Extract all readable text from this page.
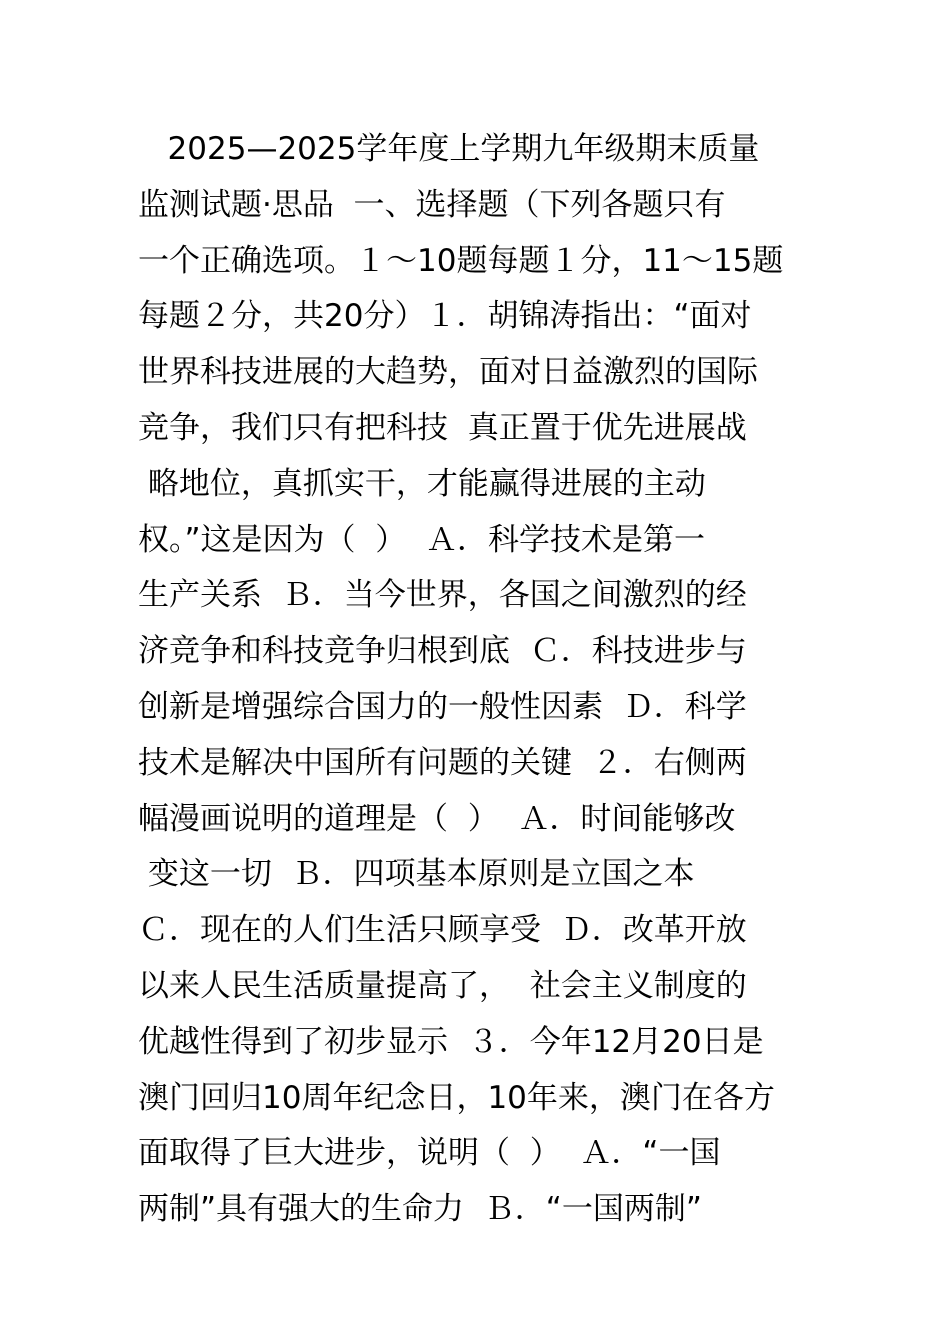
2025—2025学年度上学期九年级期末质量
监测试题·思品  一、选择题（下列各题只有
一个正确选项。１～10题每题１分，11～15题
每题２分，共20分）１．胡锦涛指出：“面对
世界科技进展的大趋势，面对日益激烈的国际
竞争，我们只有把科技  真正置于优先进展战
略地位，真抓实干，才能赢得进展的主动
权。”这是因为（  ）  Ａ．科学技术是第一
生产关系  Ｂ．当今世界，各国之间激烈的经
济竞争和科技竞争归根到底  Ｃ．科技进步与
创新是增强综合国力的一般性因素  Ｄ．科学
技术是解决中国所有问题的关键  ２．右侧两
幅漫画说明的道理是（  ）  Ａ．时间能够改
变这一切  Ｂ．四项基本原则是立国之本
Ｃ．现在的人们生活只顾享受  Ｄ．改革开放
以来人民生活质量提高了，  社会主义制度的
优越性得到了初步显示  ３．今年12月20日是
澳门回归10周年纪念日，10年来，澳门在各方
面取得了巨大进步，说明（  ）  Ａ．“一国
两制”具有强大的生命力  Ｂ．“一国两制”
